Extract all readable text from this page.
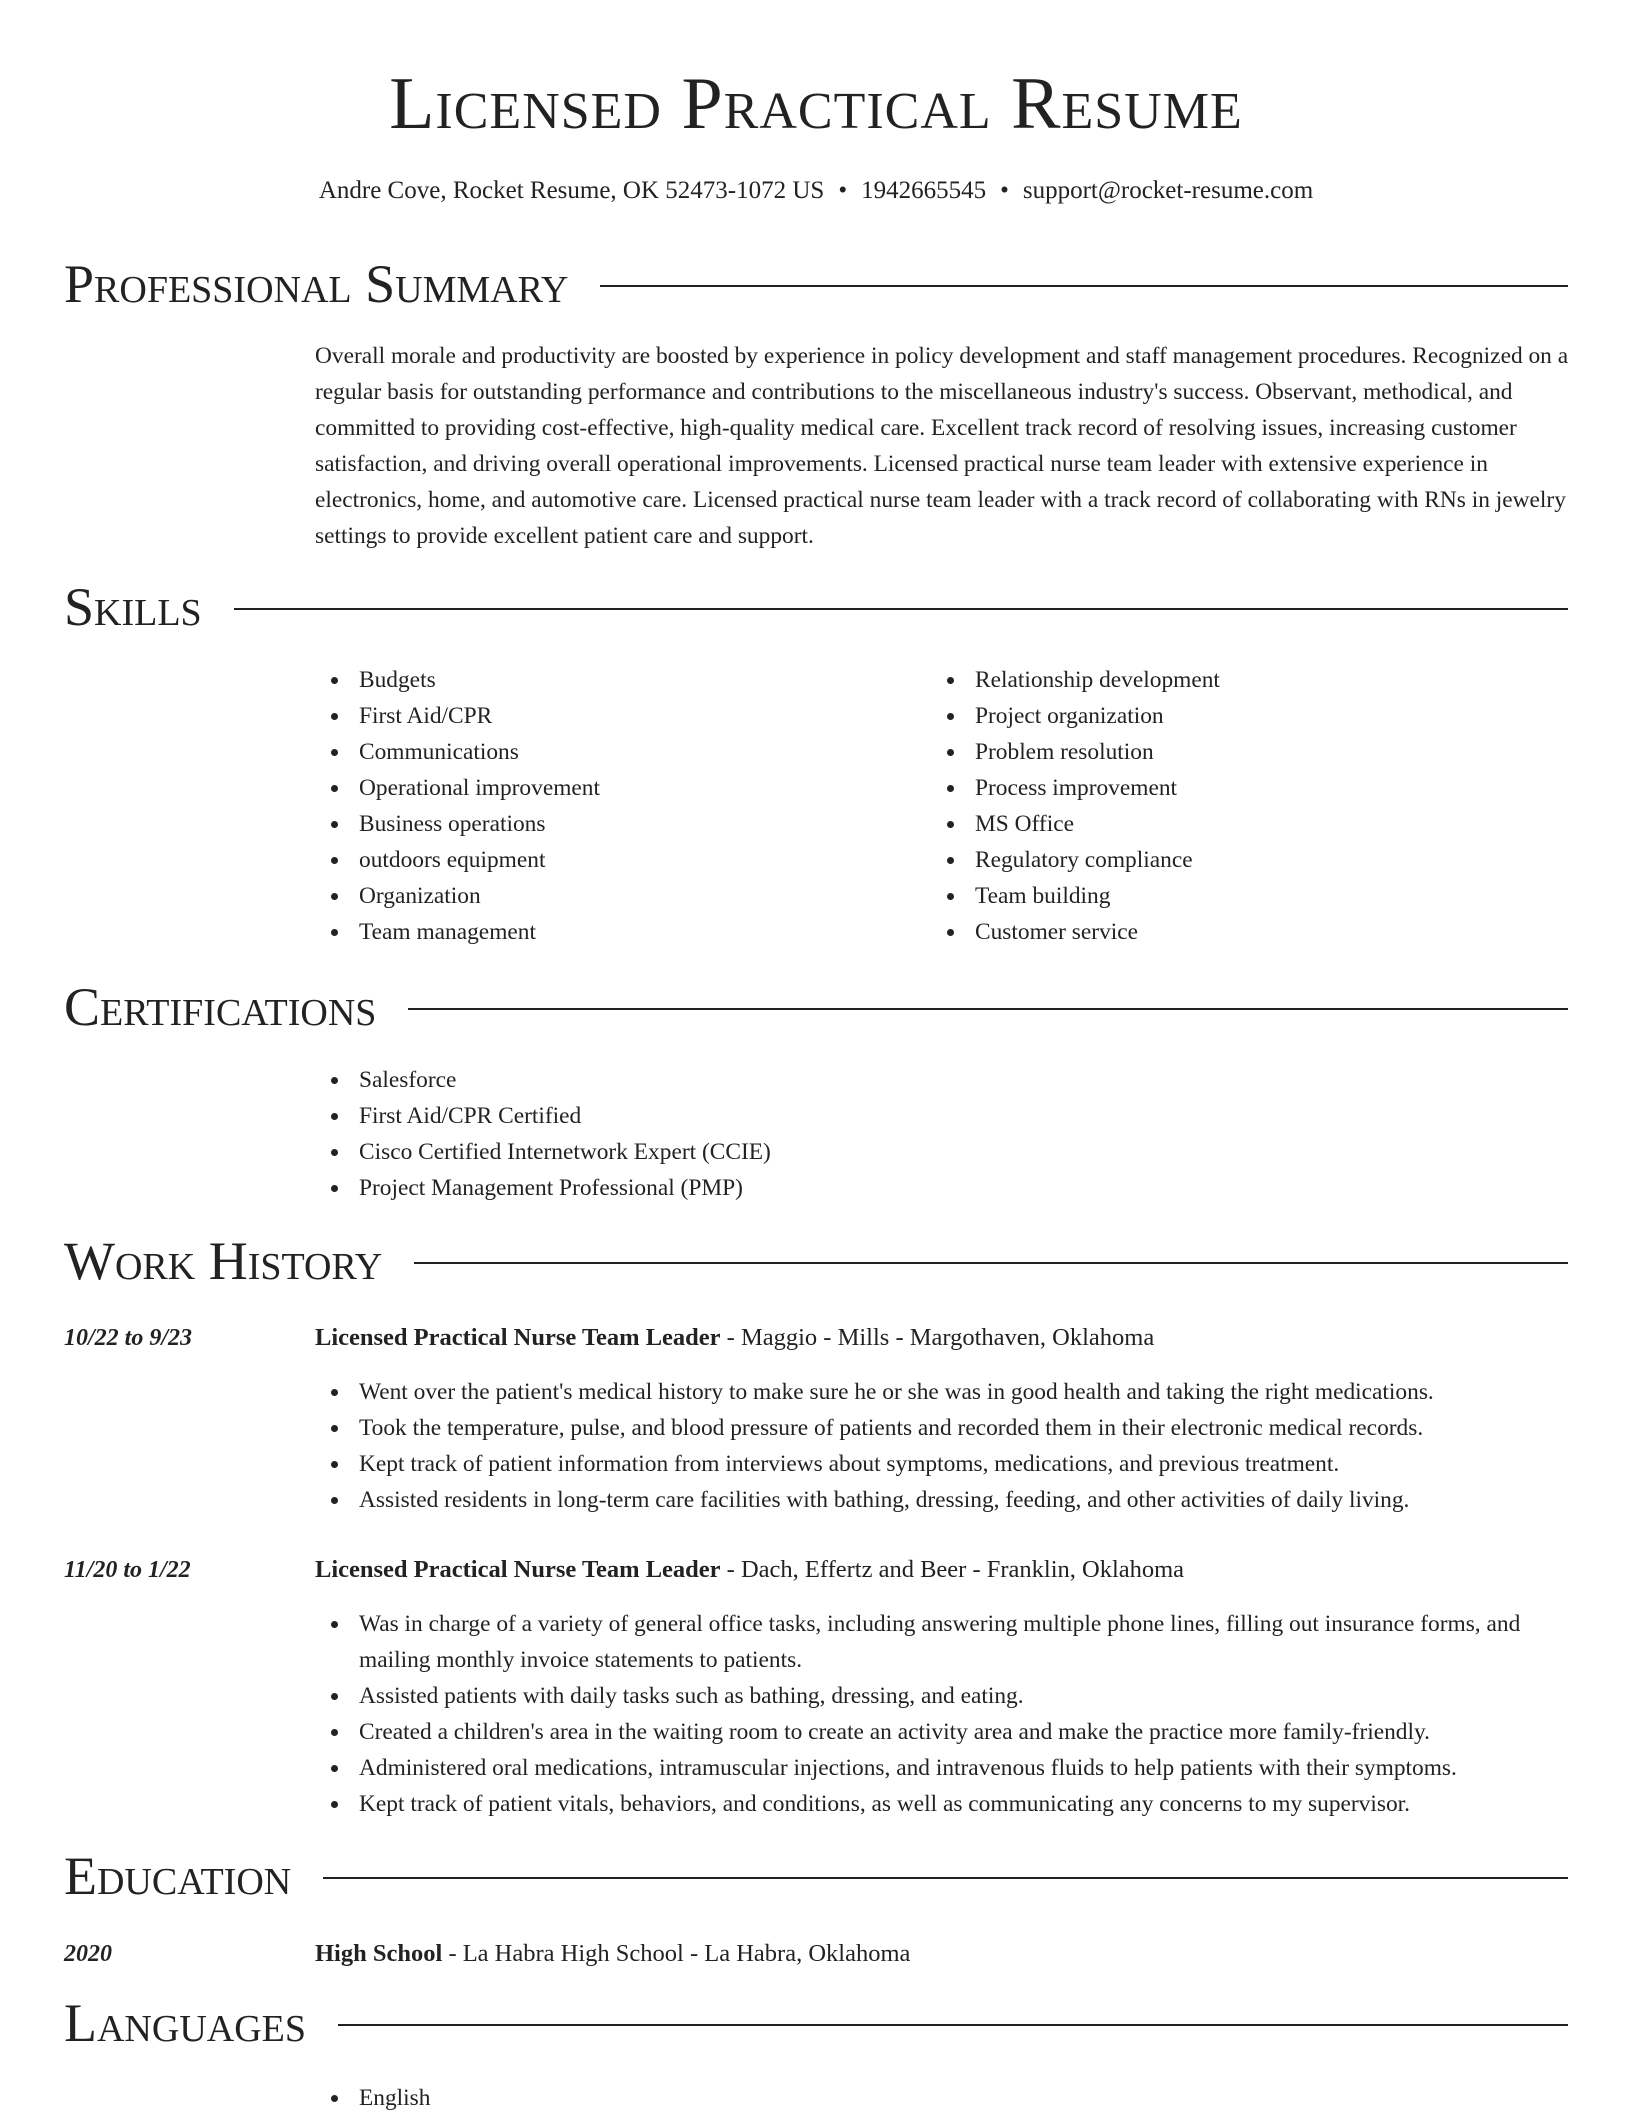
Licensed Practical Resume
Andre Cove, Rocket Resume, OK 52473-1072 US • 1942665545 • support@rocket-resume.com
Professional Summary

Overall morale and productivity are boosted by experience in policy development and staff management procedures. Recognized on a regular basis for outstanding performance and contributions to the miscellaneous industry's success. Observant, methodical, and committed to providing cost-effective, high-quality medical care. Excellent track record of resolving issues, increasing customer satisfaction, and driving overall operational improvements. Licensed practical nurse team leader with extensive experience in electronics, home, and automotive care. Licensed practical nurse team leader with a track record of collaborating with RNs in jewelry settings to provide excellent patient care and support.

Skills
Budgets
First Aid/CPR
Communications
Operational improvement
Business operations
outdoors equipment
Organization
Team management
Relationship development
Project organization
Problem resolution
Process improvement
MS Office
Regulatory compliance
Team building
Customer service
Certifications
Salesforce
First Aid/CPR Certified
Cisco Certified Internetwork Expert (CCIE)
Project Management Professional (PMP)
Work History
10/22 to 9/23	Licensed Practical Nurse Team Leader - Maggio - Mills - Margothaven, Oklahoma
Went over the patient's medical history to make sure he or she was in good health and taking the right medications.
Took the temperature, pulse, and blood pressure of patients and recorded them in their electronic medical records.
Kept track of patient information from interviews about symptoms, medications, and previous treatment.
Assisted residents in long-term care facilities with bathing, dressing, feeding, and other activities of daily living.
11/20 to 1/22	Licensed Practical Nurse Team Leader - Dach, Effertz and Beer - Franklin, Oklahoma
Was in charge of a variety of general office tasks, including answering multiple phone lines, filling out insurance forms, and mailing monthly invoice statements to patients.
Assisted patients with daily tasks such as bathing, dressing, and eating.
Created a children's area in the waiting room to create an activity area and make the practice more family-friendly.
Administered oral medications, intramuscular injections, and intravenous fluids to help patients with their symptoms.
Kept track of patient vitals, behaviors, and conditions, as well as communicating any concerns to my supervisor.
Education
2020	High School - La Habra High School - La Habra, Oklahoma
Languages
English
